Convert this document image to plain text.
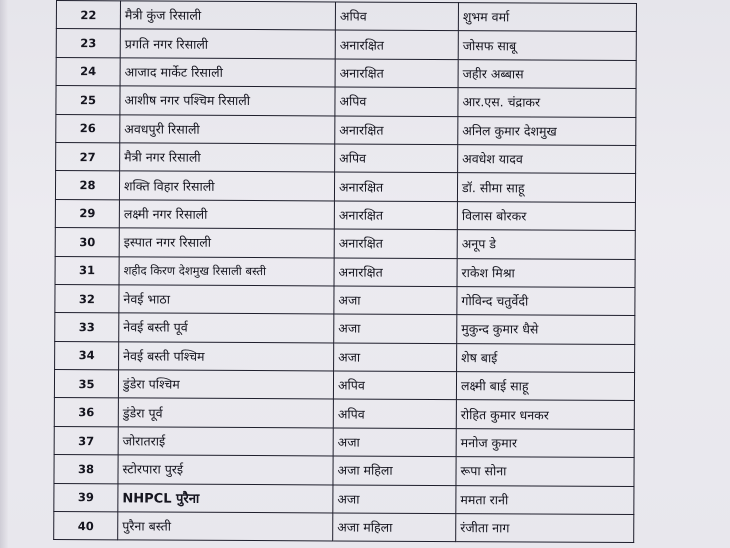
22	मैत्री कुंज रिसाली	अपिव	शुभम वर्मा
23	प्रगति नगर रिसाली	अनारक्षित	जोसफ साबू
24	आजाद मार्केट रिसाली	अनारक्षित	जहीर अब्बास
25	आशीष नगर पश्चिम रिसाली	अपिव	आर.एस. चंद्राकर
26	अवधपुरी रिसाली	अनारक्षित	अनिल कुमार देशमुख
27	मैत्री नगर रिसाली	अपिव	अवधेश यादव
28	शक्ति विहार रिसाली	अनारक्षित	डॉ. सीमा साहू
29	लक्ष्मी नगर रिसाली	अनारक्षित	विलास बोरकर
30	इस्पात नगर रिसाली	अनारक्षित	अनूप डे
31	शहीद किरण देशमुख रिसाली बस्ती	अनारक्षित	राकेश मिश्रा
32	नेवई भाठा	अजा	गोविन्द चतुर्वेदी
33	नेवई बस्ती पूर्व	अजा	मुकुन्द कुमार धैसे
34	नेवई बस्ती पश्चिम	अजा	शेष बाई
35	डुंडेरा पश्चिम	अपिव	लक्ष्मी बाई साहू
36	डुंडेरा पूर्व	अपिव	रोहित कुमार धनकर
37	जोरातराई	अजा	मनोज कुमार
38	स्टोरपारा पुरई	अजा महिला	रूपा सोना
39	NHPCL पुरैना	अजा	ममता रानी
40	पुरैना बस्ती	अजा महिला	रंजीता नाग
